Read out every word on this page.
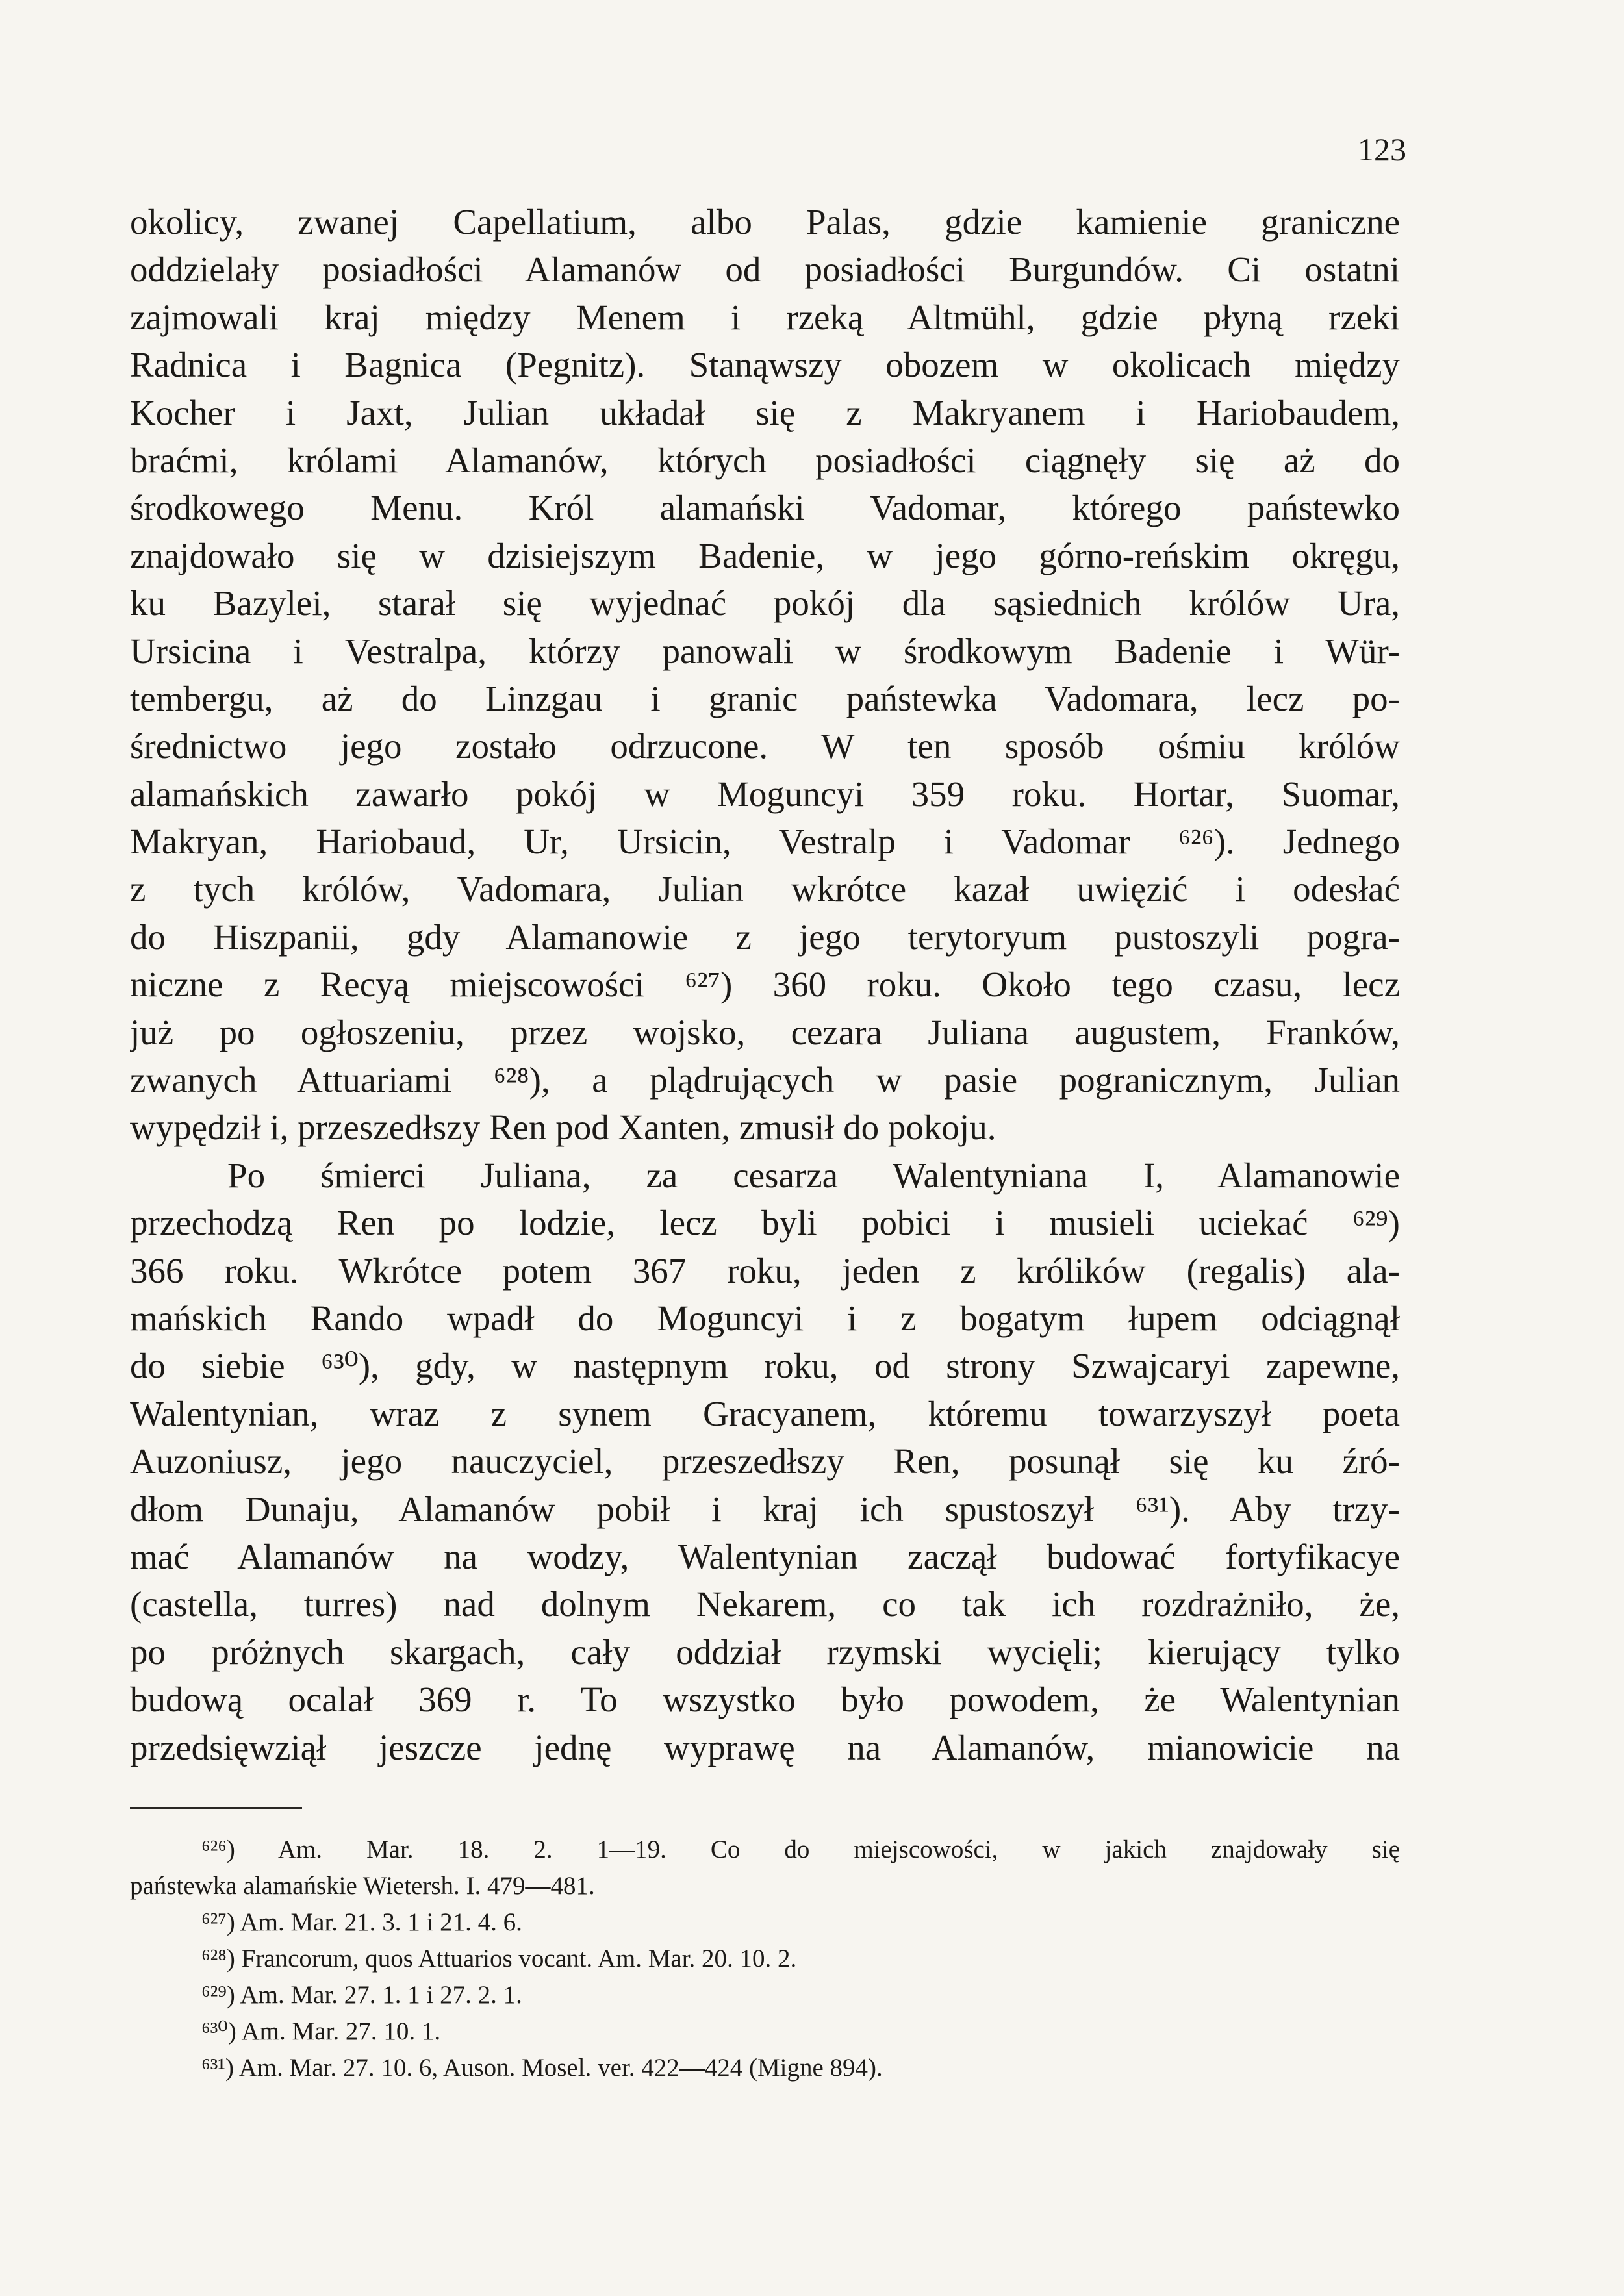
123
okolicy, zwanej Capellatium, albo Palas, gdzie kamienie graniczne
oddzielały posiadłości Alamanów od posiadłości Burgundów. Ci ostatni
zajmowali kraj między Menem i rzeką Altmühl, gdzie płyną rzeki
Radnica i Bagnica (Pegnitz). Stanąwszy obozem w okolicach między
Kocher i Jaxt, Julian układał się z Makryanem i Hariobaudem,
braćmi, królami Alamanów, których posiadłości ciągnęły się aż do
środkowego Menu. Król alamański Vadomar, którego państewko
znajdowało się w dzisiejszym Badenie, w jego górno-reńskim okręgu,
ku Bazylei, starał się wyjednać pokój dla sąsiednich królów Ura,
Ursicina i Vestralpa, którzy panowali w środkowym Badenie i Wür-
tembergu, aż do Linzgau i granic państewka Vadomara, lecz po-
średnictwo jego zostało odrzucone. W ten sposób ośmiu królów
alamańskich zawarło pokój w Moguncyi 359 roku. Hortar, Suomar,
Makryan, Hariobaud, Ur, Ursicin, Vestralp i Vadomar ⁶²⁶). Jednego
z tych królów, Vadomara, Julian wkrótce kazał uwięzić i odesłać
do Hiszpanii, gdy Alamanowie z jego terytoryum pustoszyli pogra-
niczne z Recyą miejscowości ⁶²⁷) 360 roku. Około tego czasu, lecz
już po ogłoszeniu, przez wojsko, cezara Juliana augustem, Franków,
zwanych Attuariami ⁶²⁸), a plądrujących w pasie pogranicznym, Julian
wypędził i, przeszedłszy Ren pod Xanten, zmusił do pokoju.
Po śmierci Juliana, za cesarza Walentyniana I, Alamanowie
przechodzą Ren po lodzie, lecz byli pobici i musieli uciekać ⁶²⁹)
366 roku. Wkrótce potem 367 roku, jeden z królików (regalis) ala-
mańskich Rando wpadł do Moguncyi i z bogatym łupem odciągnął
do siebie ⁶³⁰), gdy, w następnym roku, od strony Szwajcaryi zapewne,
Walentynian, wraz z synem Gracyanem, któremu towarzyszył poeta
Auzoniusz, jego nauczyciel, przeszedłszy Ren, posunął się ku źró-
dłom Dunaju, Alamanów pobił i kraj ich spustoszył ⁶³¹). Aby trzy-
mać Alamanów na wodzy, Walentynian zaczął budować fortyfikacye
(castella, turres) nad dolnym Nekarem, co tak ich rozdrażniło, że,
po próżnych skargach, cały oddział rzymski wycięli; kierujący tylko
budową ocalał 369 r. To wszystko było powodem, że Walentynian
przedsięwziął jeszcze jednę wyprawę na Alamanów, mianowicie na
⁶²⁶) Am. Mar. 18. 2. 1—19. Co do miejscowości, w jakich znajdowały się
państewka alamańskie Wietersh. I. 479—481.
⁶²⁷) Am. Mar. 21. 3. 1 i 21. 4. 6.
⁶²⁸) Francorum, quos Attuarios vocant. Am. Mar. 20. 10. 2.
⁶²⁹) Am. Mar. 27. 1. 1 i 27. 2. 1.
⁶³⁰) Am. Mar. 27. 10. 1.
⁶³¹) Am. Mar. 27. 10. 6, Auson. Mosel. ver. 422—424 (Migne 894).
